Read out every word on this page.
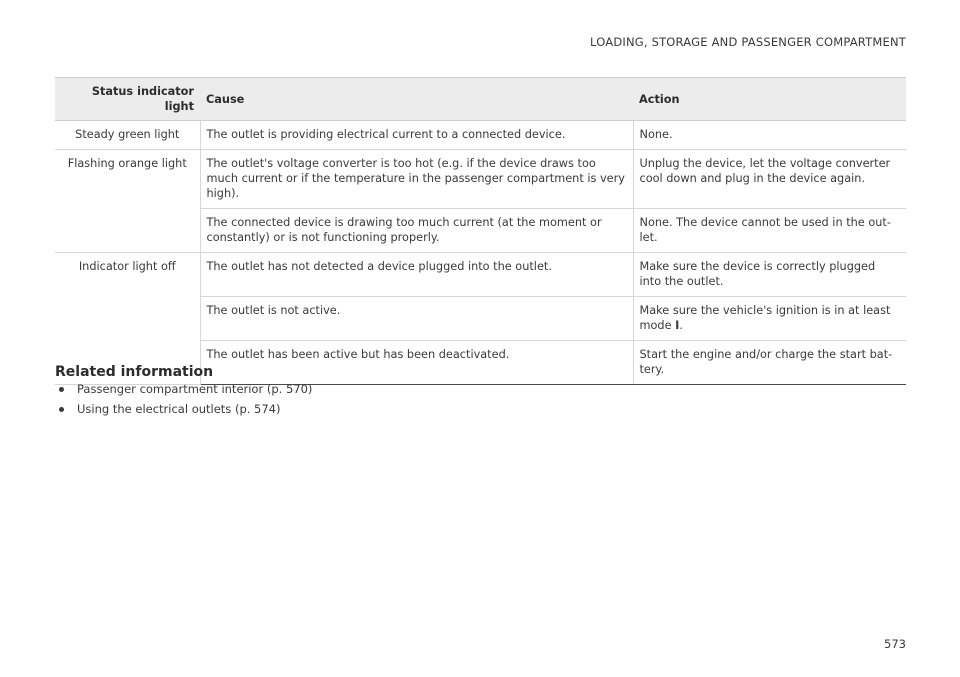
LOADING, STORAGE AND PASSENGER COMPARTMENT
Status indicator light	Cause	Action
Steady green light	The outlet is providing electrical current to a connected device.	None.
Flashing orange light	The outlet's voltage converter is too hot (e.g. if the device draws too much current or if the temperature in the passenger compartment is very high).	Unplug the device, let the voltage converter cool down and plug in the device again.
	The connected device is drawing too much current (at the moment or constantly) or is not functioning properly.	None. The device cannot be used in the out-let.
Indicator light off	The outlet has not detected a device plugged into the outlet.	Make sure the device is correctly plugged into the outlet.
	The outlet is not active.	Make sure the vehicle's ignition is in at least mode I.
	The outlet has been active but has been deactivated.	Start the engine and/or charge the start bat-tery.
Related information
Passenger compartment interior (p. 570)
Using the electrical outlets (p. 574)
573
